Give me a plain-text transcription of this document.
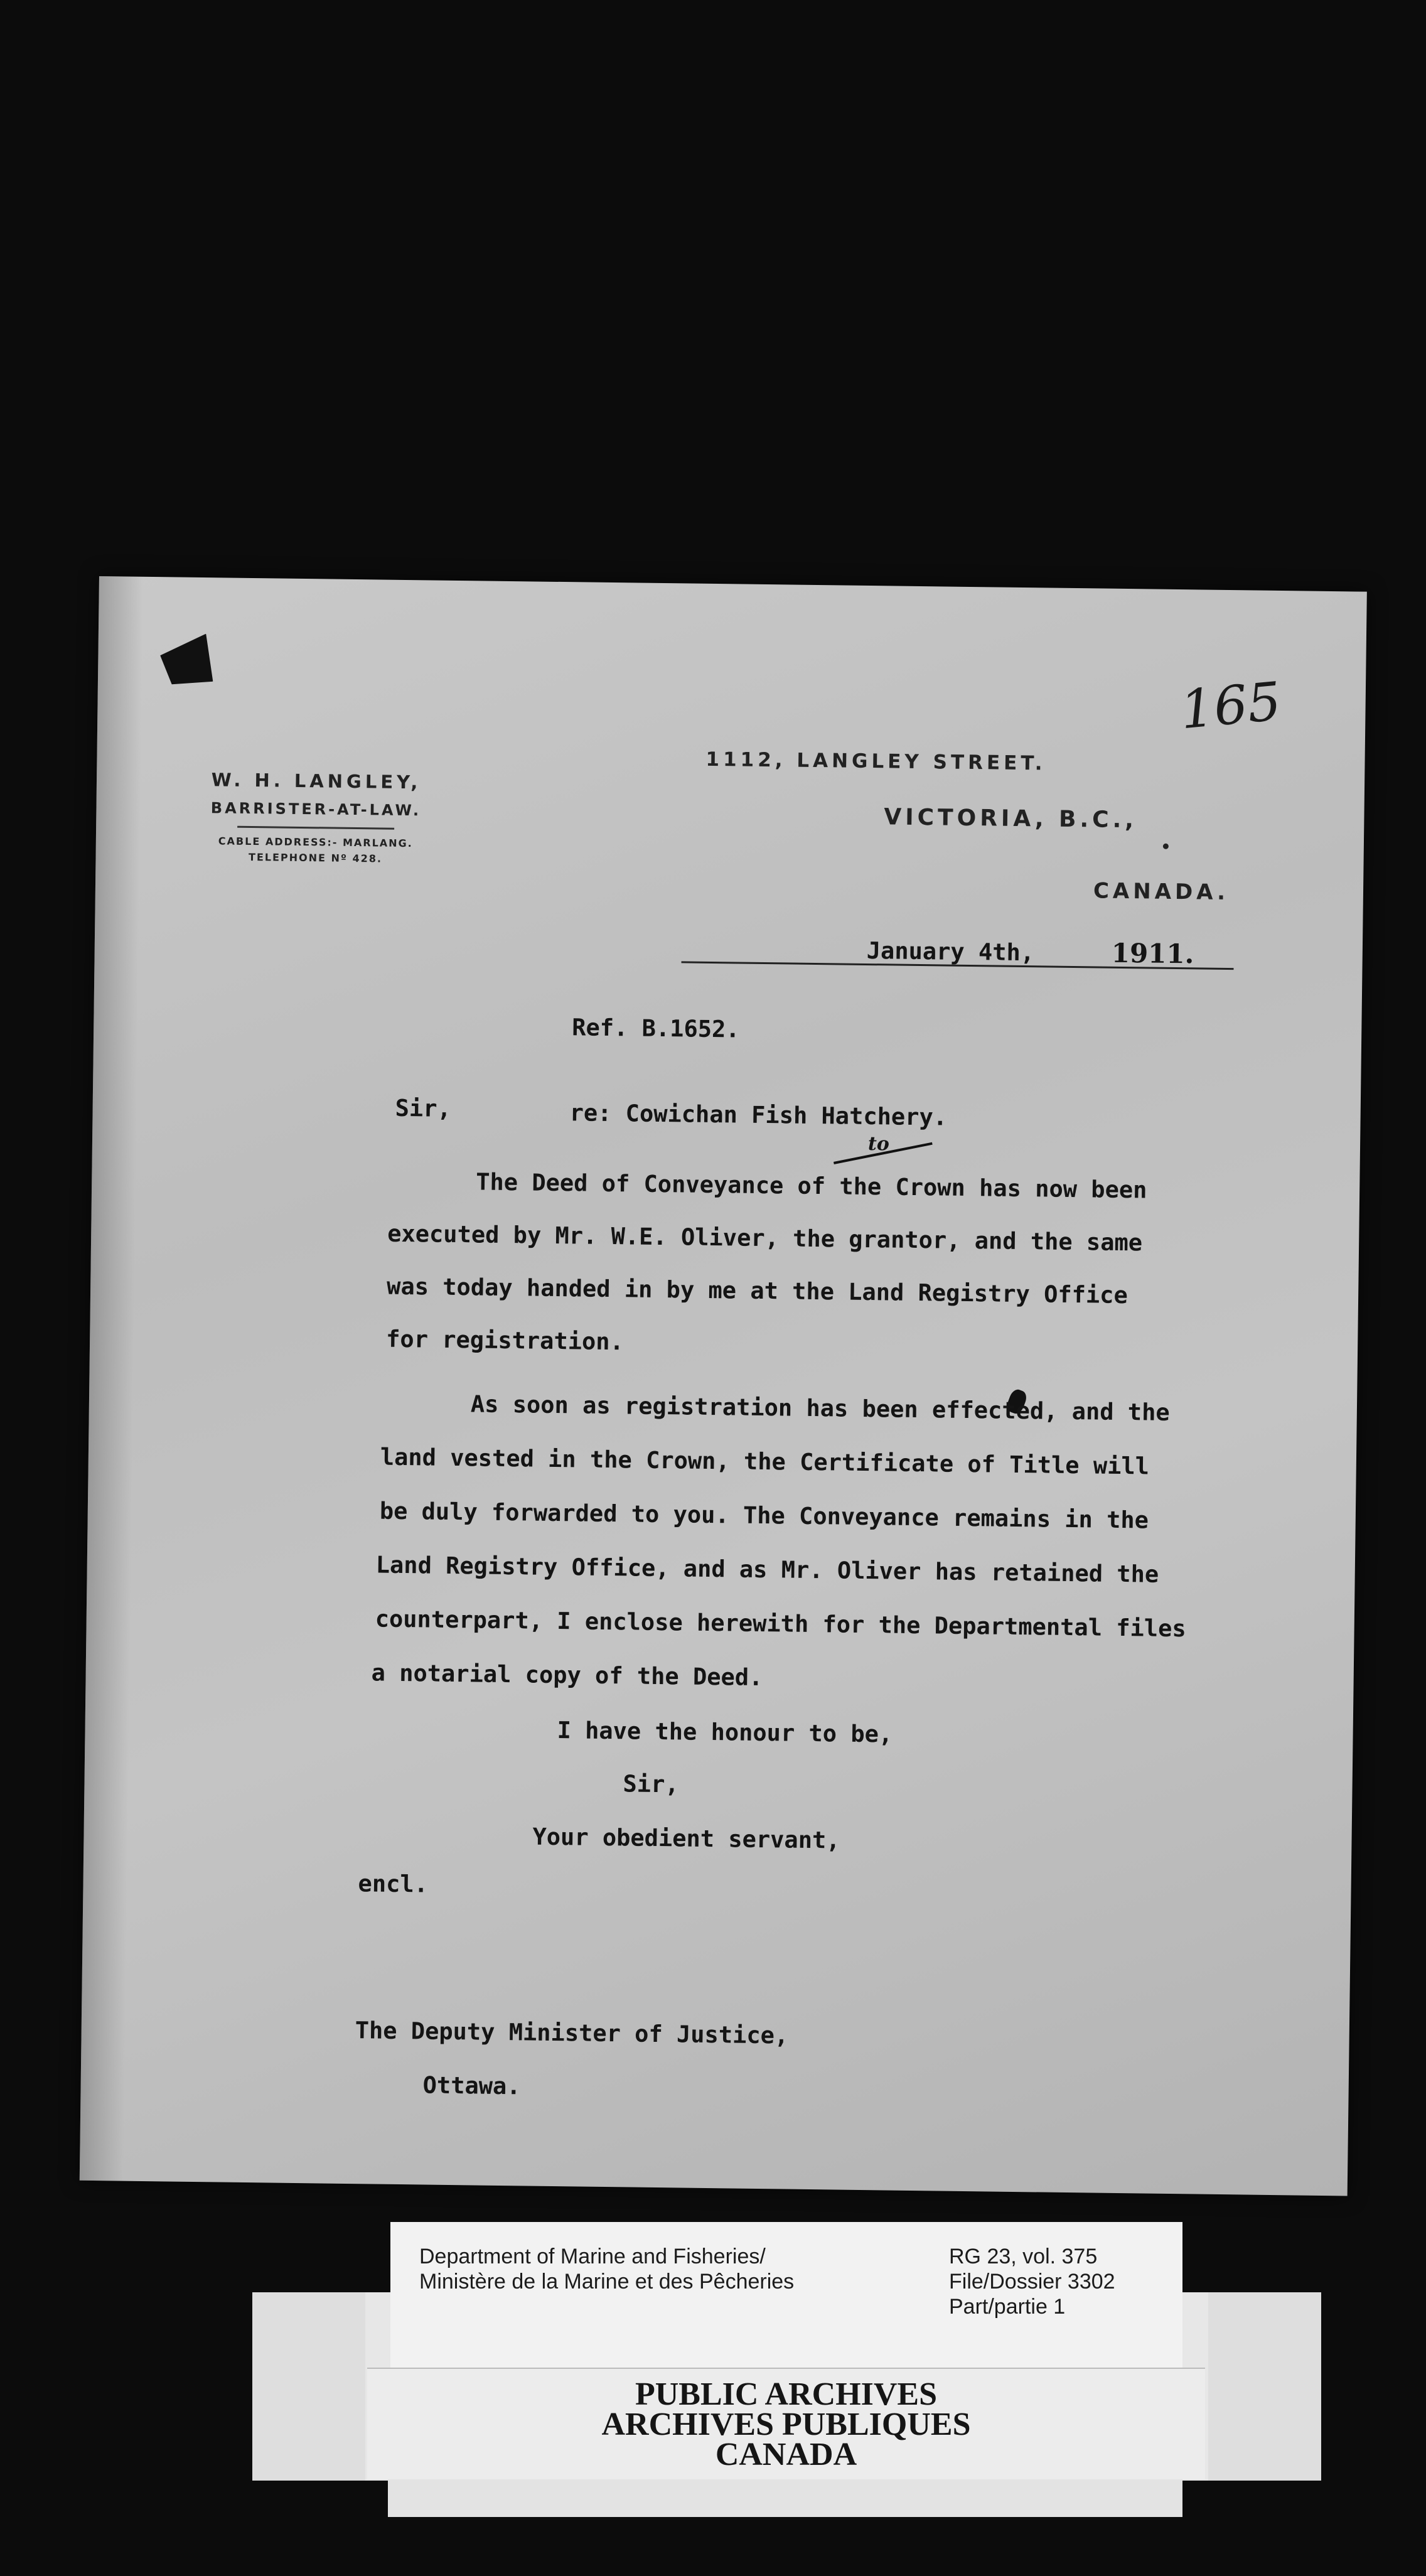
165
W. H. LANGLEY,
BARRISTER-AT-LAW.
CABLE ADDRESS:- MARLANG.
TELEPHONE Nº 428.
1112, LANGLEY STREET.
VICTORIA, B.C.,
CANADA.
January 4th,	1911.
Ref. B.1652.
Sir,	re: Cowichan Fish Hatchery.
to
The Deed of Conveyance of the Crown has now been
executed by Mr. W.E. Oliver, the grantor, and the same
was today handed in by me at the Land Registry Office
for registration.
As soon as registration has been effected, and the
land vested in the Crown, the Certificate of Title will
be duly forwarded to you. The Conveyance remains in the
Land Registry Office, and as Mr. Oliver has retained the
counterpart, I enclose herewith for the Departmental files
a notarial copy of the Deed.
I have the honour to be,
Sir,
Your obedient servant,
encl.
The Deputy Minister of Justice,
Ottawa.
Department of Marine and Fisheries/
Ministère de la Marine et des Pêcheries
RG 23, vol. 375
File/Dossier 3302
Part/partie 1
PUBLIC ARCHIVES
ARCHIVES PUBLIQUES
CANADA
